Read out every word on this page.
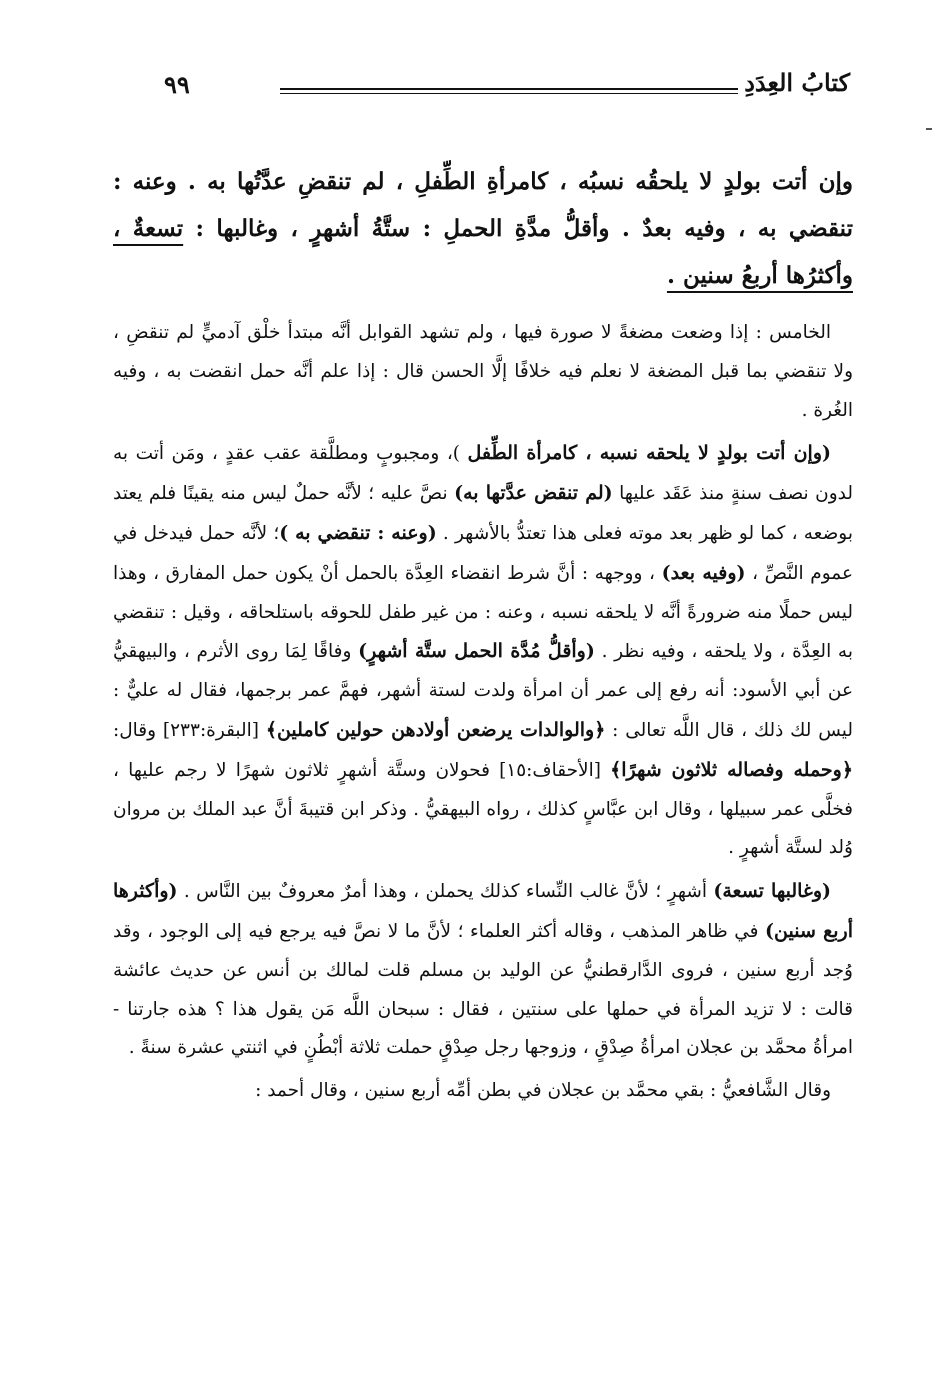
٩٩	كتابُ العِدَدِ
وإن أتت بولدٍ لا يلحقُه نسبُه ، كامرأةِ الطِّفلِ ، لم تنقضِ عدَّتُها به . وعنه : تنقضي به ، وفيه بعدٌ . وأقلُّ مدَّةِ الحملِ : ستَّةُ أشهرٍ ، وغالبها : تسعةٌ ، وأكثرُها أربعُ سنين .

الخامس : إذا وضعت مضغةً لا صورة فيها ، ولم تشهد القوابل أنَّه مبتدأ خلْق آدميٍّ لم تنقضِ ، ولا تنقضي بما قبل المضغة لا نعلم فيه خلافًا إلَّا الحسن قال : إذا علم أنَّه حمل انقضت به ، وفيه الغُرة .

(وإن أتت بولدٍ لا يلحقه نسبه ، كامرأة الطِّفل )، ومجبوبٍ ومطلَّقة عقب عقدٍ ، ومَن أتت به لدون نصف سنةٍ منذ عَقَد عليها (لم تنقض عدَّتها به) نصَّ عليه ؛ لأنَّه حملٌ ليس منه يقينًا فلم يعتد بوضعه ، كما لو ظهر بعد موته فعلى هذا تعتدُّ بالأشهر . (وعنه : تنقضي به )؛ لأنَّه حمل فيدخل في عموم النَّصِّ ، (وفيه بعد) ، ووجهه : أنَّ شرط انقضاء العِدَّة بالحمل أنْ يكون حمل المفارق ، وهذا ليس حملًا منه ضرورةً أنَّه لا يلحقه نسبه ، وعنه : من غير طفل للحوقه باستلحاقه ، وقيل : تنقضي به العِدَّة ، ولا يلحقه ، وفيه نظر . (وأقلُّ مُدَّة الحمل ستَّة أشهرٍ) وفاقًا لِمَا روى الأثرم ، والبيهقيُّ عن أبي الأسود: أنه رفع إلى عمر أن امرأة ولدت لستة أشهر، فهمَّ عمر برجمها، فقال له عليٌّ : ليس لك ذلك ، قال اللَّه تعالى : ﴿والوالدات يرضعن أولادهن حولين كاملين﴾ [البقرة:٢٣٣] وقال: ﴿وحمله وفصاله ثلاثون شهرًا﴾ [الأحقاف:١٥] فحولان وستَّة أشهرٍ ثلاثون شهرًا لا رجم عليها ، فخلَّى عمر سبيلها ، وقال ابن عبَّاسٍ كذلك ، رواه البيهقيُّ . وذكر ابن قتيبةَ أنَّ عبد الملك بن مروان وُلد لستَّة أشهرٍ .

(وغالبها تسعة) أشهرٍ ؛ لأنَّ غالب النِّساء كذلك يحملن ، وهذا أمرٌ معروفٌ بين النَّاس . (وأكثرها أربع سنين) في ظاهر المذهب ، وقاله أكثر العلماء ؛ لأنَّ ما لا نصَّ فيه يرجع فيه إلى الوجود ، وقد وُجد أربع سنين ، فروى الدَّارقطنيُّ عن الوليد بن مسلم قلت لمالك بن أنس عن حديث عائشة قالت : لا تزيد المرأة في حملها على سنتين ، فقال : سبحان اللَّه مَن يقول هذا ؟ هذه جارتنا - امرأةُ محمَّد بن عجلان امرأةُ صِدْقٍ ، وزوجها رجل صِدْقٍ حملت ثلاثة أبْطُنٍ في اثنتي عشرة سنةً .

وقال الشَّافعيُّ : بقي محمَّد بن عجلان في بطن أمِّه أربع سنين ، وقال أحمد :
